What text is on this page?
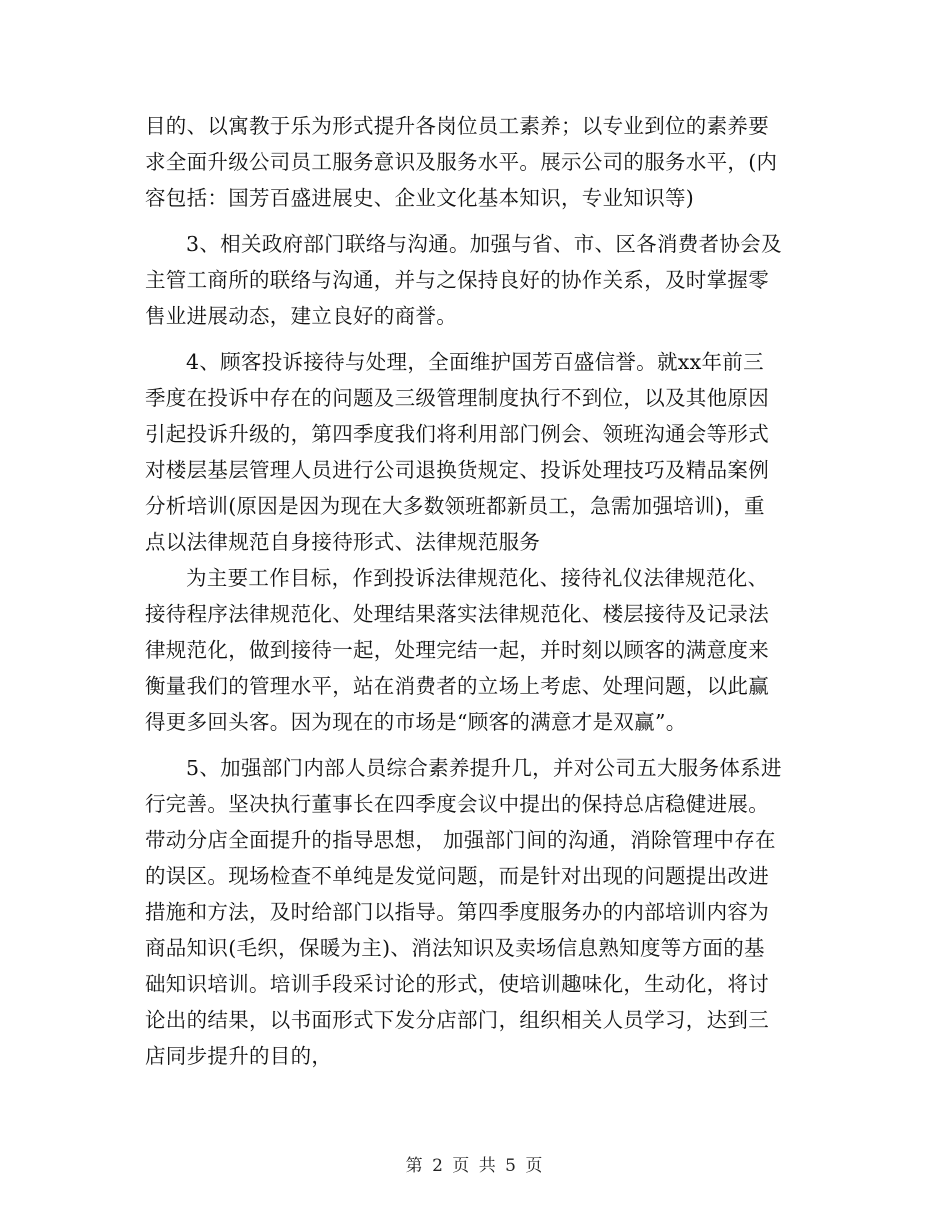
目的、以寓教于乐为形式提升各岗位员工素养；以专业到位的素养要
求全面升级公司员工服务意识及服务水平。展示公司的服务水平，(内
容包括：国芳百盛进展史、企业文化基本知识，专业知识等)
3、相关政府部门联络与沟通。加强与省、市、区各消费者协会及
主管工商所的联络与沟通，并与之保持良好的协作关系，及时掌握零
售业进展动态，建立良好的商誉。
4、顾客投诉接待与处理，全面维护国芳百盛信誉。就xx年前三
季度在投诉中存在的问题及三级管理制度执行不到位，以及其他原因
引起投诉升级的，第四季度我们将利用部门例会、领班沟通会等形式
对楼层基层管理人员进行公司退换货规定、投诉处理技巧及精品案例
分析培训(原因是因为现在大多数领班都新员工，急需加强培训)，重
点以法律规范自身接待形式、法律规范服务
为主要工作目标，作到投诉法律规范化、接待礼仪法律规范化、
接待程序法律规范化、处理结果落实法律规范化、楼层接待及记录法
律规范化，做到接待一起，处理完结一起，并时刻以顾客的满意度来
衡量我们的管理水平，站在消费者的立场上考虑、处理问题，以此赢
得更多回头客。因为现在的市场是“顾客的满意才是双赢”。
5、加强部门内部人员综合素养提升几，并对公司五大服务体系进
行完善。坚决执行董事长在四季度会议中提出的保持总店稳健进展。
带动分店全面提升的指导思想， 加强部门间的沟通，消除管理中存在
的误区。现场检查不单纯是发觉问题，而是针对出现的问题提出改进
措施和方法，及时给部门以指导。第四季度服务办的内部培训内容为
商品知识(毛织，保暖为主)、消法知识及卖场信息熟知度等方面的基
础知识培训。培训手段采讨论的形式，使培训趣味化，生动化，将讨
论出的结果，以书面形式下发分店部门，组织相关人员学习，达到三
店同步提升的目的，
第 2 页 共 5 页
